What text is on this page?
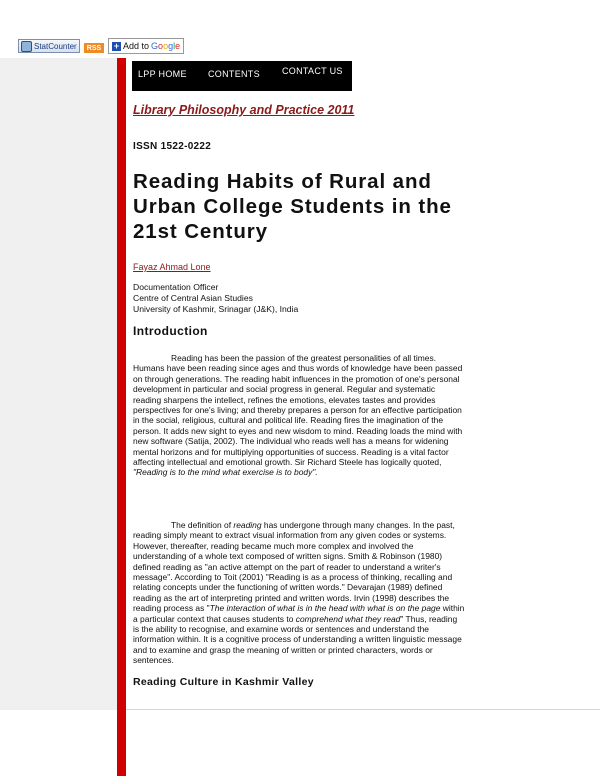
StatCounter	RSS	+ Add to Google
LPP HOME CONTENTS CONTACT US
Library Philosophy and Practice 2011
ISSN 1522-0222
Reading Habits of Rural and Urban College Students in the 21st Century
Fayaz Ahmad Lone
Documentation Officer
Centre of Central Asian Studies
University of Kashmir, Srinagar (J&K), India
Introduction

Reading has been the passion of the greatest personalities of all times. Humans have been reading since ages and thus words of knowledge have been passed on through generations. The reading habit influences in the promotion of one's personal development in particular and social progress in general. Regular and systematic reading sharpens the intellect, refines the emotions, elevates tastes and provides perspectives for one's living; and thereby prepares a person for an effective participation in the social, religious, cultural and political life. Reading fires the imagination of the person. It adds new sight to eyes and new wisdom to mind. Reading loads the mind with new software (Satija, 2002). The individual who reads well has a means for widening mental horizons and for multiplying opportunities of success. Reading is a vital factor affecting intellectual and emotional growth. Sir Richard Steele has logically quoted, "Reading is to the mind what exercise is to body".

The definition of reading has undergone through many changes. In the past, reading simply meant to extract visual information from any given codes or systems. However, thereafter, reading became much more complex and involved the understanding of a whole text composed of written signs. Smith & Robinson (1980) defined reading as "an active attempt on the part of reader to understand a writer's message". According to Toit (2001) "Reading is as a process of thinking, recalling and relating concepts under the functioning of written words." Devarajan (1989) defined reading as the art of interpreting printed and written words. Irvin (1998) describes the reading process as "The interaction of what is in the head with what is on the page within a particular context that causes students to comprehend what they read" Thus, reading is the ability to recognise, and examine words or sentences and understand the information within. It is a cognitive process of understanding a written linguistic message and to examine and grasp the meaning of written or printed characters, words or sentences.

Reading Culture in Kashmir Valley
